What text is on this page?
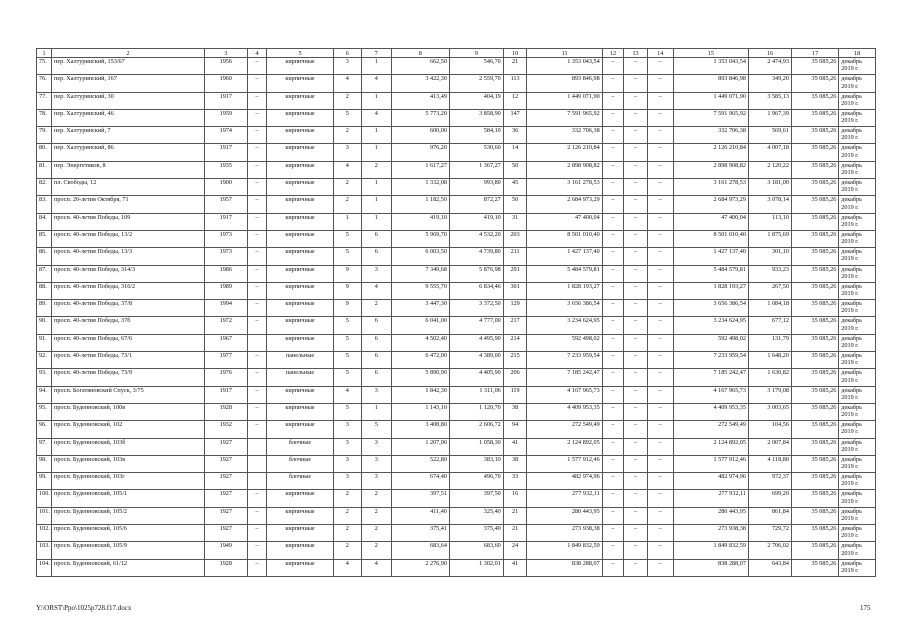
1	2	3	4	5	6	7	8	9	10	11	12	13	14	15	16	17	18
75.	пер. Халтуринский, 153/67	1956	–	кирпичные	3	1	662,50	546,70	21	1 353 043,54	–	–	–	1 353 043,54	2 474,93	35 085,26	декабрь 2019 г.
76.	пер. Халтуринский, 167	1960	–	кирпичные	4	4	3 422,30	2 559,70	113	893 846,98	–	–	–	893 846,98	349,20	35 085,26	декабрь 2019 г.
77.	пер. Халтуринский, 30	1917	–	кирпичные	2	1	413,49	404,19	12	1 449 071,90	–	–	–	1 449 071,90	3 585,13	35 085,26	декабрь 2019 г.
78.	пер. Халтуринский, 46	1959	–	кирпичные	5	4	5 773,20	3 858,90	147	7 591 965,92	–	–	–	7 591 965,92	1 967,39	35 085,26	декабрь 2019 г.
79.	пер. Халтуринский, 7	1974	–	кирпичные	2	1	600,00	584,10	36	332 706,38	–	–	–	332 706,38	569,61	35 085,26	декабрь 2019 г.
80.	пер. Халтуринский, 86	1917	–	кирпичные	3	1	976,20	530,60	14	2 126 210,84	–	–	–	2 126 210,84	4 007,18	35 085,26	декабрь 2019 г.
81.	пер. Энергетиков, 8	1935	–	кирпичные	4	2	1 617,27	1 367,27	50	2 898 908,82	–	–	–	2 898 908,82	2 120,22	35 085,26	декабрь 2019 г.
82.	пл. Свободы, 12	1900	–	кирпичные	2	1	1 332,08	993,80	45	3 161 278,53	–	–	–	3 161 278,53	3 181,00	35 085,26	декабрь 2019 г.
83.	просп. 20-летия Октября, 71	1957	–	кирпичные	2	1	1 182,50	872,27	50	2 684 973,29	–	–	–	2 684 973,29	3 078,14	35 085,26	декабрь 2019 г.
84.	просп. 40-летия Победы, 109	1917	–	кирпичные	1	1	419,10	419,10	31	47 400,04	–	–	–	47 400,04	113,10	35 085,26	декабрь 2019 г.
85.	просп. 40-летия Победы, 13/2	1973	–	кирпичные	5	6	5 969,70	4 532,20	203	8 501 010,40	–	–	–	8 501 010,40	1 875,69	35 085,26	декабрь 2019 г.
86.	просп. 40-летия Победы, 13/3	1973	–	кирпичные	5	6	6 003,50	4 739,80	211	1 427 137,40	–	–	–	1 427 137,40	301,10	35 085,26	декабрь 2019 г.
87.	просп. 40-летия Победы, 314/3	1986	–	кирпичные	9	3	7 349,68	5 876,98	291	5 484 579,81	–	–	–	5 484 579,81	933,23	35 085,26	декабрь 2019 г.
88.	просп. 40-летия Победы, 316/2	1989	–	кирпичные	9	4	9 555,70	6 834,46	301	1 828 193,27	–	–	–	1 828 193,27	267,50	35 085,26	декабрь 2019 г.
89.	просп. 40-летия Победы, 37/8	1994	–	кирпичные	9	2	3 447,30	3 372,50	129	3 656 386,54	–	–	–	3 656 386,54	1 084,18	35 085,26	декабрь 2019 г.
90.	просп. 40-летия Победы, 37б	1972	–	кирпичные	5	6	6 041,00	4 777,00	217	3 234 624,95	–	–	–	3 234 624,95	677,12	35 085,26	декабрь 2019 г.
91.	просп. 40-летия Победы, 67/6	1967		кирпичные	5	6	4 502,40	4 495,90	214	592 498,02	–	–	–	592 498,02	131,79	35 085,26	декабрь 2019 г.
92.	просп. 40-летия Победы, 73/1	1977	–	панельные	5	6	6 472,00	4 389,00	215	7 233 959,54	–	–	–	7 233 959,54	1 648,20	35 085,26	декабрь 2019 г.
93.	просп. 40-летия Победы, 73/9	1976	–	панельные	5	6	5 890,90	4 405,90	206	7 185 242,47	–	–	–	7 185 242,47	1 630,82	35 085,26	декабрь 2019 г.
94.	просп. Богатяновский Спуск, 3/75	1917	–	кирпичные	4	3	1 842,30	1 311,06	119	4 167 965,73	–	–	–	4 167 965,73	3 179,08	35 085,26	декабрь 2019 г.
95.	просп. Буденновский, 100в	1928	–	кирпичные	5	1	1 143,10	1 120,70	38	4 409 953,35	–	–	–	4 409 953,35	3 003,65	35 085,26	декабрь 2019 г.
96.	просп. Буденновский, 102	1932	–	кирпичные	3	5	3 408,80	2 606,72	94	272 549,49	–	–	–	272 549,49	104,56	35 085,26	декабрь 2019 г.
97.	просп. Буденновский, 103б	1927		блочные	3	3	1 207,90	1 058,30	41	2 124 892,05	–	–	–	2 124 892,05	2 007,84	35 085,26	декабрь 2019 г.
98.	просп. Буденновский, 103в	1927		блочные	3	3	522,80	383,10	38	1 577 912,46	–	–	–	1 577 912,46	4 118,80	35 085,26	декабрь 2019 г.
99.	просп. Буденновский, 103г	1927		блочные	3	3	674,40	496,70	33	482 974,96	–	–	–	482 974,96	972,37	35 085,26	декабрь 2019 г.
100.	просп. Буденновский, 105/1	1927	–	кирпичные	2	2	397,51	397,50	16	277 932,11	–	–	–	277 932,11	699,20	35 085,26	декабрь 2019 г.
101.	просп. Буденновский, 105/2	1927	–	кирпичные	2	2	411,40	325,40	21	280 443,95	–	–	–	280 443,95	861,84	35 085,26	декабрь 2019 г.
102.	просп. Буденновский, 105/6	1927	–	кирпичные	2	2	375,41	375,40	21	273 938,38	–	–	–	273 938,38	729,72	35 085,26	декабрь 2019 г.
103.	просп. Буденновский, 105/9	1949	–	кирпичные	2	2	683,64	683,60	24	1 849 832,59	–	–	–	1 849 832,59	2 706,02	35 085,26	декабрь 2019 г.
104.	просп. Буденновский, 61/12	1928	–	кирпичные	4	4	2 276,90	1 302,01	41	838 288,07	–	–	–	838 288,07	643,84	35 085,26	декабрь 2019 г.
Y:\ORST\Ppo\1025p728.f17.docx	175
